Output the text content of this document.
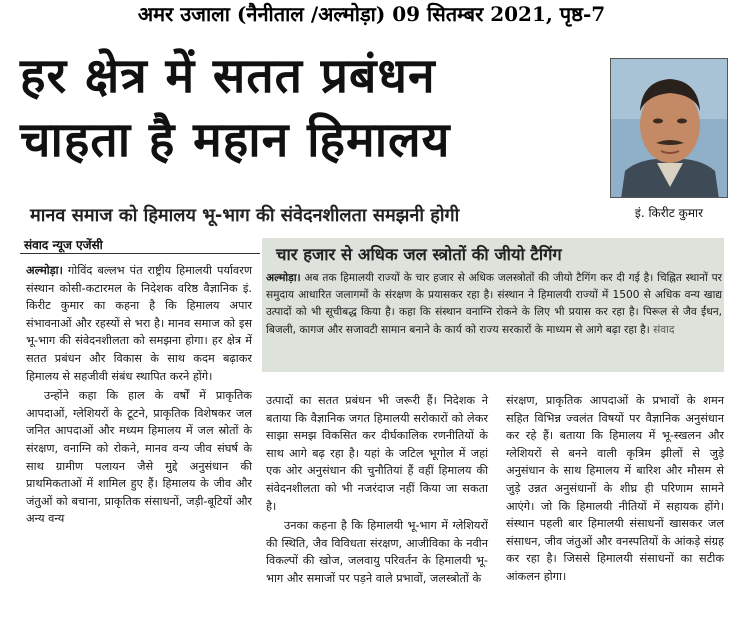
अमर उजाला (नैनीताल /अल्मोड़ा) 09 सितम्बर 2021, पृष्ठ-7
हर क्षेत्र में सतत प्रबंधन
चाहता है महान हिमालय
इं. किरीट कुमार
मानव समाज को हिमालय भू-भाग की संवेदनशीलता समझनी होगी
संवाद न्यूज एजेंसी

अल्मोड़ा। गोविंद बल्लभ पंत राष्ट्रीय हिमालयी पर्यावरण संस्थान कोसी-कटारमल के निदेशक वरिष्ठ वैज्ञानिक इं. किरीट कुमार का कहना है कि हिमालय अपार संभावनाओं और रहस्यों से भरा है। मानव समाज को इस भू-भाग की संवेदनशीलता को समझना होगा। हर क्षेत्र में सतत प्रबंधन और विकास के साथ कदम बढ़ाकर हिमालय से सहजीवी संबंध स्थापित करने होंगे।

उन्होंने कहा कि हाल के वर्षों में प्राकृतिक आपदाओं, ग्लेशियरों के टूटने, प्राकृतिक विशेषकर जल जनित आपदाओं और मध्यम हिमालय में जल स्रोतों के संरक्षण, वनाग्नि को रोकने, मानव वन्य जीव संघर्ष के साथ ग्रामीण पलायन जैसे मुद्दे अनुसंधान की प्राथमिकताओं में शामिल हुए हैं। हिमालय के जीव और जंतुओं को बचाना, प्राकृतिक संसाधनों, जड़ी-बूटियों और अन्य वन्य

चार हजार से अधिक जल स्त्रोतों की जीयो टैगिंग
अल्मोड़ा। अब तक हिमालयी राज्यों के चार हजार से अधिक जलस्त्रोतों की जीयो टैगिंग कर दी गई है। चिह्नित स्थानों पर समुदाय आधारित जलागमों के संरक्षण के प्रयासकर रहा है। संस्थान ने हिमालयी राज्यों में 1500 से अधिक वन्य खाद्य उत्पादों को भी सूचीबद्ध किया है। कहा कि संस्थान वनाग्नि रोकने के लिए भी प्रयास कर रहा है। पिरूल से जैव ईंधन, बिजली, कागज और सजावटी सामान बनाने के कार्य को राज्य सरकारों के माध्यम से आगे बढ़ा रहा है। संवाद

उत्पादों का सतत प्रबंधन भी जरूरी हैं। निदेशक ने बताया कि वैज्ञानिक जगत हिमालयी सरोकारों को लेकर साझा समझ विकसित कर दीर्घकालिक रणनीतियों के साथ आगे बढ़ रहा है। यहां के जटिल भूगोल में जहां एक ओर अनुसंधान की चुनौतियां हैं वहीं हिमालय की संवेदनशीलता को भी नजरंदाज नहीं किया जा सकता है।

उनका कहना है कि हिमालयी भू-भाग में ग्लेशियरों की स्थिति, जैव विविधता संरक्षण, आजीविका के नवीन विकल्पों की खोज, जलवायु परिवर्तन के हिमालयी भू-भाग और समाजों पर पड़ने वाले प्रभावों, जलस्त्रोतों के

संरक्षण, प्राकृतिक आपदाओं के प्रभावों के शमन सहित विभिन्न ज्वलंत विषयों पर वैज्ञानिक अनुसंधान कर रहे हैं। बताया कि हिमालय में भू-स्खलन और ग्लेशियरों से बनने वाली कृत्रिम झीलों से जुड़े अनुसंधान के साथ हिमालय में बारिश और मौसम से जुड़े उन्नत अनुसंधानों के शीघ्र ही परिणाम सामने आएंगे। जो कि हिमालयी नीतियों में सहायक होंगे। संस्थान पहली बार हिमालयी संसाधनों खासकर जल संसाधन, जीव जंतुओं और वनस्पतियों के आंकड़े संग्रह कर रहा है। जिससे हिमालयी संसाधनों का सटीक आंकलन होगा।
